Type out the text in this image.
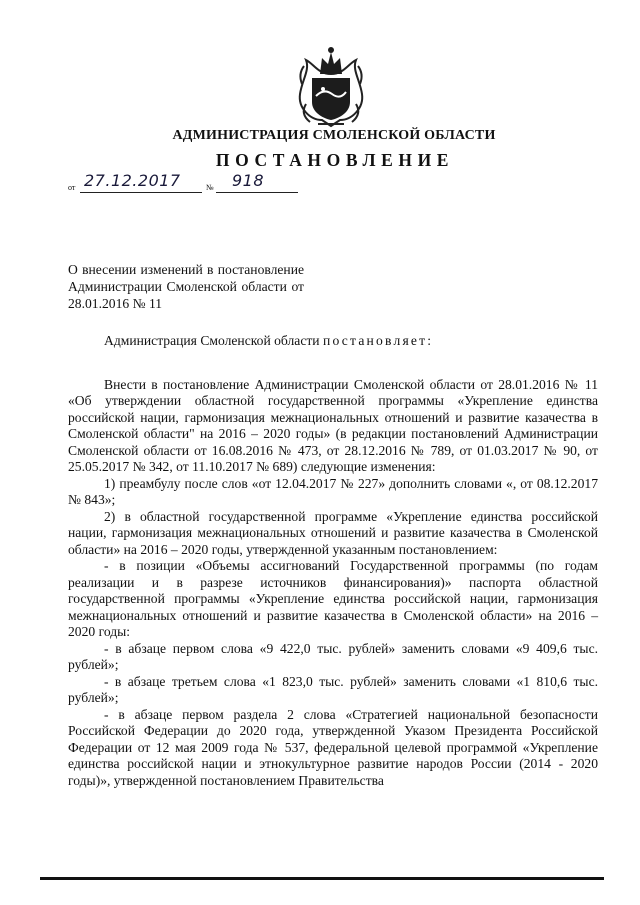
АДМИНИСТРАЦИЯ СМОЛЕНСКОЙ ОБЛАСТИ
ПОСТАНОВЛЕНИЕ
от 27.12.2017	№ 918

О внесении изменений в постановление Администрации Смоленской области от 28.01.2016 № 11

Администрация Смоленской области постановляет:

Внести в постановление Администрации Смоленской области от 28.01.2016 № 11 «Об утверждении областной государственной программы «Укрепление единства российской нации, гармонизация межнациональных отношений и развитие казачества в Смоленской области" на 2016 – 2020 годы» (в редакции постановлений Администрации Смоленской области от 16.08.2016 № 473, от 28.12.2016 № 789, от 01.03.2017 № 90, от 25.05.2017 № 342, от 11.10.2017 № 689) следующие изменения:

1) преамбулу после слов «от 12.04.2017 № 227» дополнить словами «, от 08.12.2017 № 843»;

2) в областной государственной программе «Укрепление единства российской нации, гармонизация межнациональных отношений и развитие казачества в Смоленской области» на 2016 – 2020 годы, утвержденной указанным постановлением:

- в позиции «Объемы ассигнований Государственной программы (по годам реализации и в разрезе источников финансирования)» паспорта областной государственной программы «Укрепление единства российской нации, гармонизация межнациональных отношений и развитие казачества в Смоленской области» на 2016 – 2020 годы:

- в абзаце первом слова «9 422,0 тыс. рублей» заменить словами «9 409,6 тыс. рублей»;

- в абзаце третьем слова «1 823,0 тыс. рублей» заменить словами «1 810,6 тыс. рублей»;

- в абзаце первом раздела 2 слова «Стратегией национальной безопасности Российской Федерации до 2020 года, утвержденной Указом Президента Российской Федерации от 12 мая 2009 года № 537, федеральной целевой программой «Укрепление единства российской нации и этнокультурное развитие народов России (2014 - 2020 годы)», утвержденной постановлением Правительства
